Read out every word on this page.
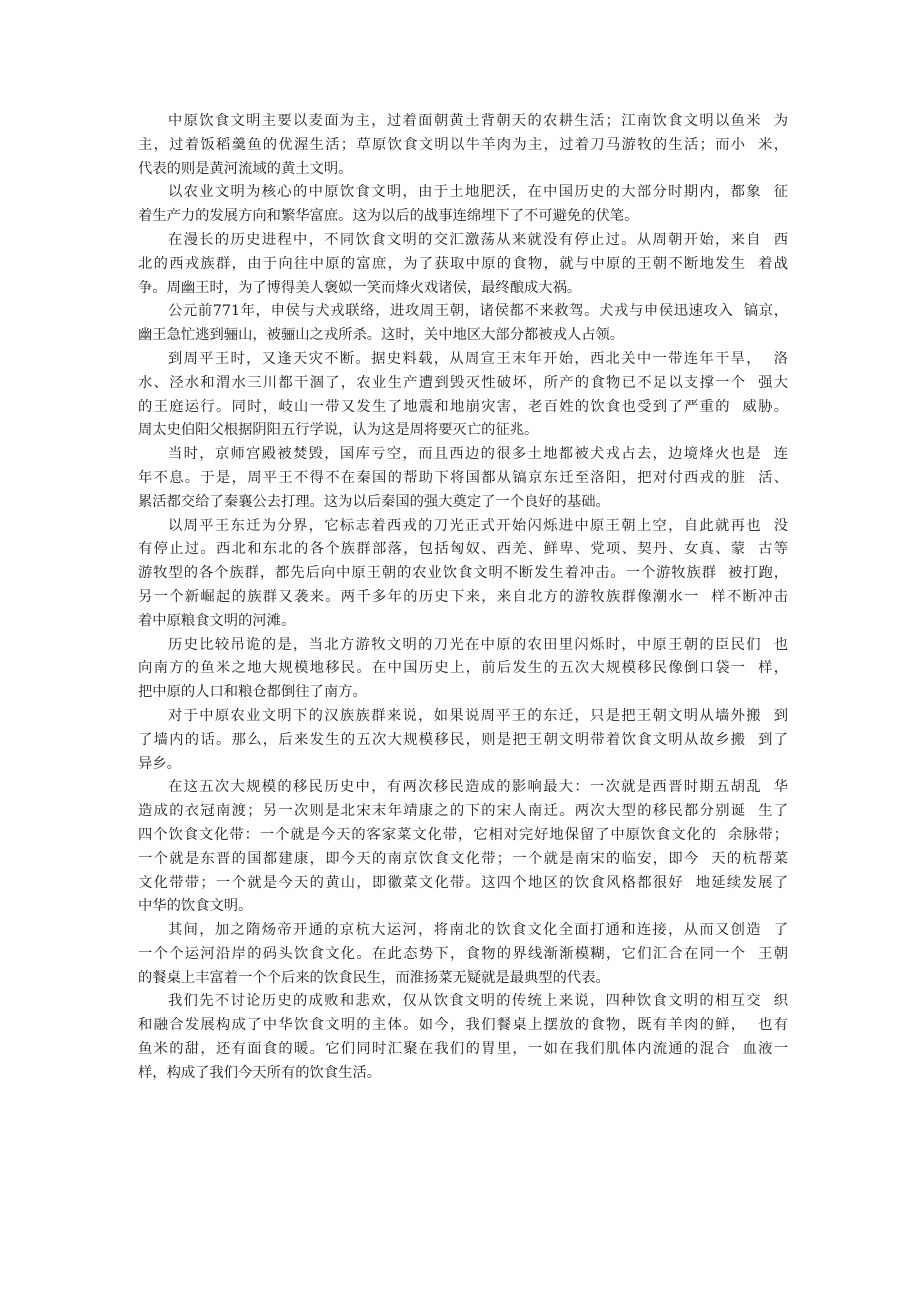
中原饮食文明主要以麦面为主，过着面朝黄土背朝天的农耕生活；江南饮食文明以鱼米  为
主，过着饭稻羹鱼的优渥生活；草原饮食文明以牛羊肉为主，过着刀马游牧的生活；而小  米，
代表的则是黄河流域的黄土文明。
以农业文明为核心的中原饮食文明，由于土地肥沃，在中国历史的大部分时期内，都象  征
着生产力的发展方向和繁华富庶。这为以后的战事连绵埋下了不可避免的伏笔。
在漫长的历史进程中，不同饮食文明的交汇激荡从来就没有停止过。从周朝开始，来自  西
北的西戎族群，由于向往中原的富庶，为了获取中原的食物，就与中原的王朝不断地发生  着战
争。周幽王时，为了博得美人褒姒一笑而烽火戏诸侯，最终酿成大祸。
公元前771年，申侯与犬戎联络，进攻周王朝，诸侯都不来救驾。犬戎与申侯迅速攻入  镐京，
幽王急忙逃到骊山，被骊山之戎所杀。这时，关中地区大部分都被戎人占领。
到周平王时，又逢天灾不断。据史料载，从周宣王末年开始，西北关中一带连年干旱，  洛
水、泾水和渭水三川都干涸了，农业生产遭到毁灭性破坏，所产的食物已不足以支撑一个  强大
的王庭运行。同时，岐山一带又发生了地震和地崩灾害，老百姓的饮食也受到了严重的  威胁。
周太史伯阳父根据阴阳五行学说，认为这是周将要灭亡的征兆。
当时，京师宫殿被焚毁，国库亏空，而且西边的很多土地都被犬戎占去，边境烽火也是  连
年不息。于是，周平王不得不在秦国的帮助下将国都从镐京东迁至洛阳，把对付西戎的脏  活、
累活都交给了秦襄公去打理。这为以后秦国的强大奠定了一个良好的基础。
以周平王东迁为分界，它标志着西戎的刀光正式开始闪烁进中原王朝上空，自此就再也  没
有停止过。西北和东北的各个族群部落，包括匈奴、西羌、鲜卑、党项、契丹、女真、蒙  古等
游牧型的各个族群，都先后向中原王朝的农业饮食文明不断发生着冲击。一个游牧族群  被打跑，
另一个新崛起的族群又袭来。两千多年的历史下来，来自北方的游牧族群像潮水一  样不断冲击
着中原粮食文明的河滩。
历史比较吊诡的是，当北方游牧文明的刀光在中原的农田里闪烁时，中原王朝的臣民们  也
向南方的鱼米之地大规模地移民。在中国历史上，前后发生的五次大规模移民像倒口袋一  样，
把中原的人口和粮仓都倒往了南方。
对于中原农业文明下的汉族族群来说，如果说周平王的东迁，只是把王朝文明从墙外搬  到
了墙内的话。那么，后来发生的五次大规模移民，则是把王朝文明带着饮食文明从故乡搬  到了
异乡。
在这五次大规模的移民历史中，有两次移民造成的影响最大：一次就是西晋时期五胡乱  华
造成的衣冠南渡；另一次则是北宋末年靖康之的下的宋人南迁。两次大型的移民都分别诞  生了
四个饮食文化带：一个就是今天的客家菜文化带，它相对完好地保留了中原饮食文化的  余脉带；
一个就是东晋的国都建康，即今天的南京饮食文化带；一个就是南宋的临安，即今  天的杭帮菜
文化带带；一个就是今天的黄山，即徽菜文化带。这四个地区的饮食风格都很好  地延续发展了
中华的饮食文明。
其间，加之隋炀帝开通的京杭大运河，将南北的饮食文化全面打通和连接，从而又创造  了
一个个运河沿岸的码头饮食文化。在此态势下，食物的界线渐渐模糊，它们汇合在同一个  王朝
的餐桌上丰富着一个个后来的饮食民生，而淮扬菜无疑就是最典型的代表。
我们先不讨论历史的成败和悲欢，仅从饮食文明的传统上来说，四种饮食文明的相互交  织
和融合发展构成了中华饮食文明的主体。如今，我们餐桌上摆放的食物，既有羊肉的鲜，  也有
鱼米的甜，还有面食的暖。它们同时汇聚在我们的胃里，一如在我们肌体内流通的混合  血液一
样，构成了我们今天所有的饮食生活。
